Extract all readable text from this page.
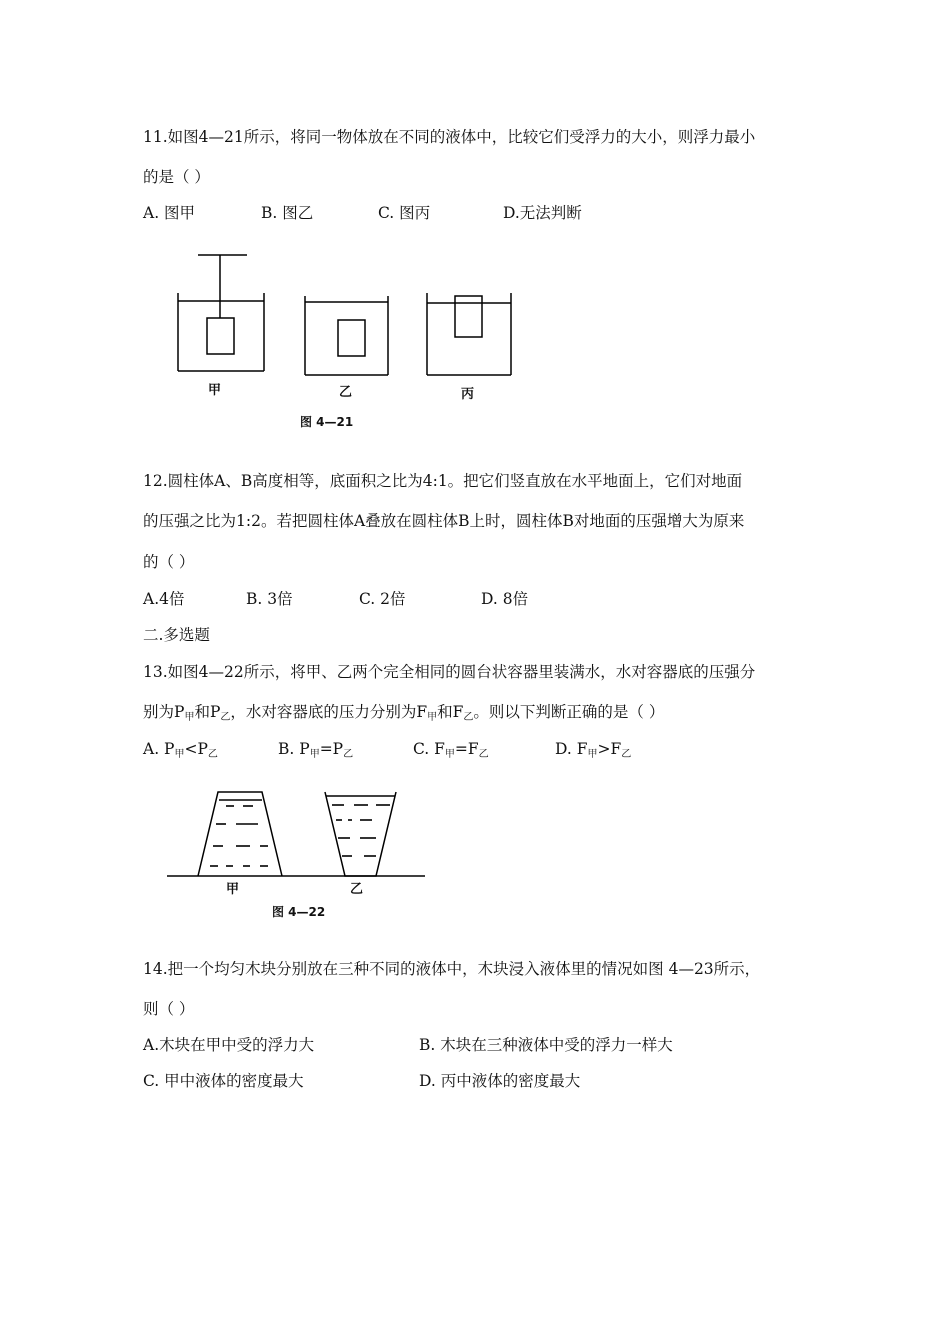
11.如图4—21所示，将同一物体放在不同的液体中，比较它们受浮力的大小，则浮力最小
的是（ ）
A. 图甲	B. 图乙	C. 图丙	D.无法判断
甲	乙	丙
图 4—21
12.圆柱体A、B高度相等，底面积之比为4:1。把它们竖直放在水平地面上，它们对地面
的压强之比为1:2。若把圆柱体A叠放在圆柱体B上时，圆柱体B对地面的压强增大为原来
的（ ）
A.4倍	B. 3倍	C. 2倍	D. 8倍
二.多选题
13.如图4—22所示，将甲、乙两个完全相同的圆台状容器里装满水，水对容器底的压强分
别为$P_甲$和$P_乙$，水对容器底的压力分别为$F_甲$和$F_乙$。则以下判断正确的是（ ）
A. $P_甲<P_乙$	B. $P_甲=P_乙$	C. $F_甲=F_乙$	D. $F_甲>F_乙$
甲	乙
图 4—22
14.把一个均匀木块分别放在三种不同的液体中，木块浸入液体里的情况如图 4—23所示，
则（ ）
A.木块在甲中受的浮力大	B. 木块在三种液体中受的浮力一样大
C. 甲中液体的密度最大	D. 丙中液体的密度最大
